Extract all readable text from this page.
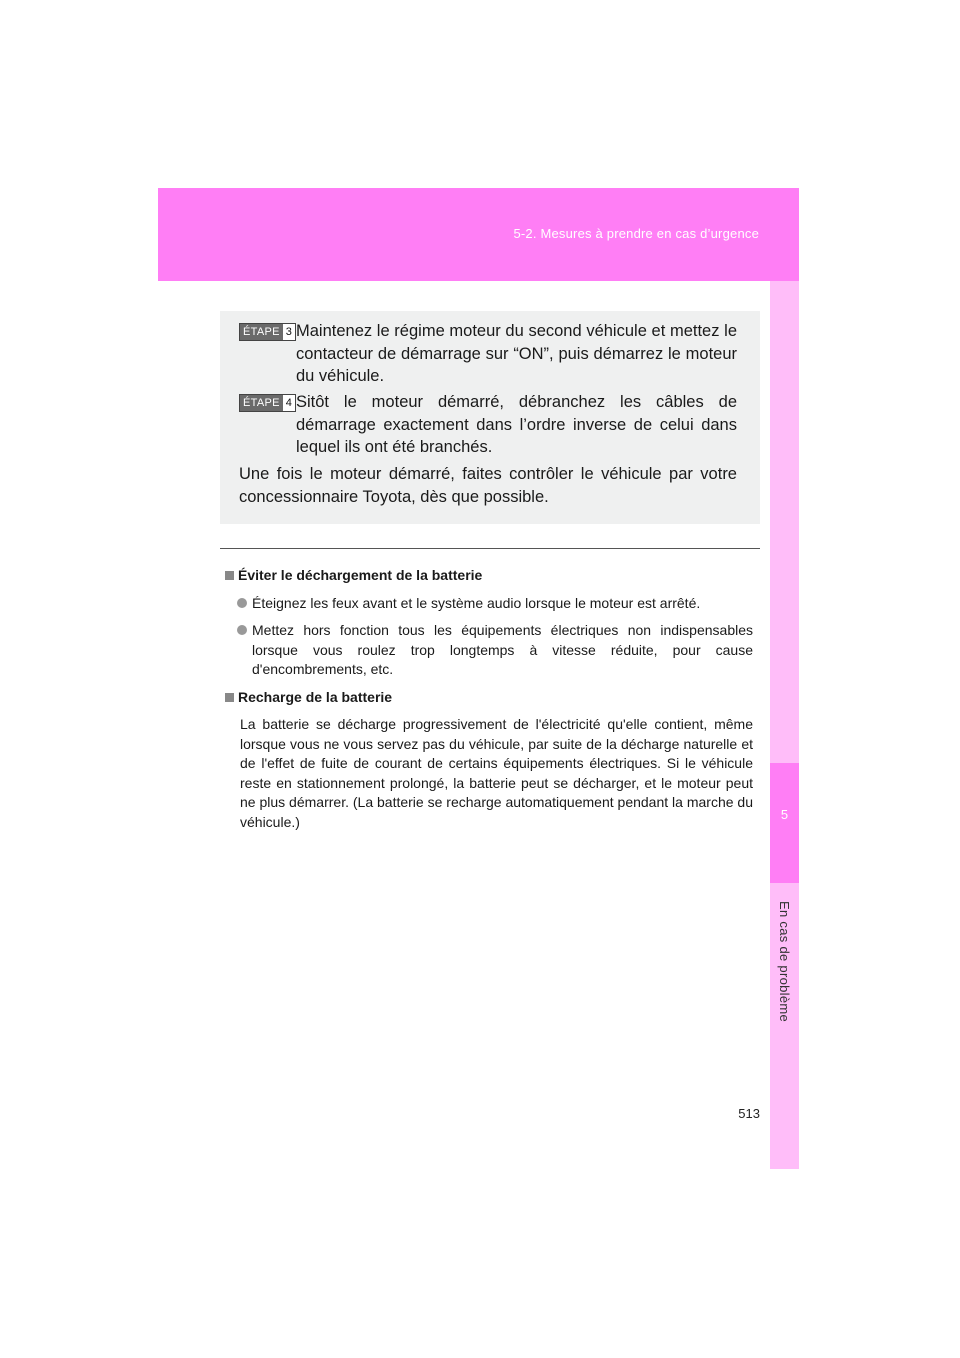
5-2. Mesures à prendre en cas d’urgence
5
En cas de problème
ÉTAPE 3 Maintenez le régime moteur du second véhicule et mettez le contacteur de démarrage sur “ON”, puis démarrez le moteur du véhicule.
ÉTAPE 4 Sitôt le moteur démarré, débranchez les câbles de démarrage exactement dans l’ordre inverse de celui dans lequel ils ont été branchés.
Une fois le moteur démarré, faites contrôler le véhicule par votre concessionnaire Toyota, dès que possible.
Éviter le déchargement de la batterie
Éteignez les feux avant et le système audio lorsque le moteur est arrêté.
Mettez hors fonction tous les équipements électriques non indispensables lorsque vous roulez trop longtemps à vitesse réduite, pour cause d'encombrements, etc.
Recharge de la batterie
La batterie se décharge progressivement de l'électricité qu'elle contient, même lorsque vous ne vous servez pas du véhicule, par suite de la décharge naturelle et de l'effet de fuite de courant de certains équipements électriques. Si le véhicule reste en stationnement prolongé, la batterie peut se décharger, et le moteur peut ne plus démarrer. (La batterie se recharge automatiquement pendant la marche du véhicule.)
513
